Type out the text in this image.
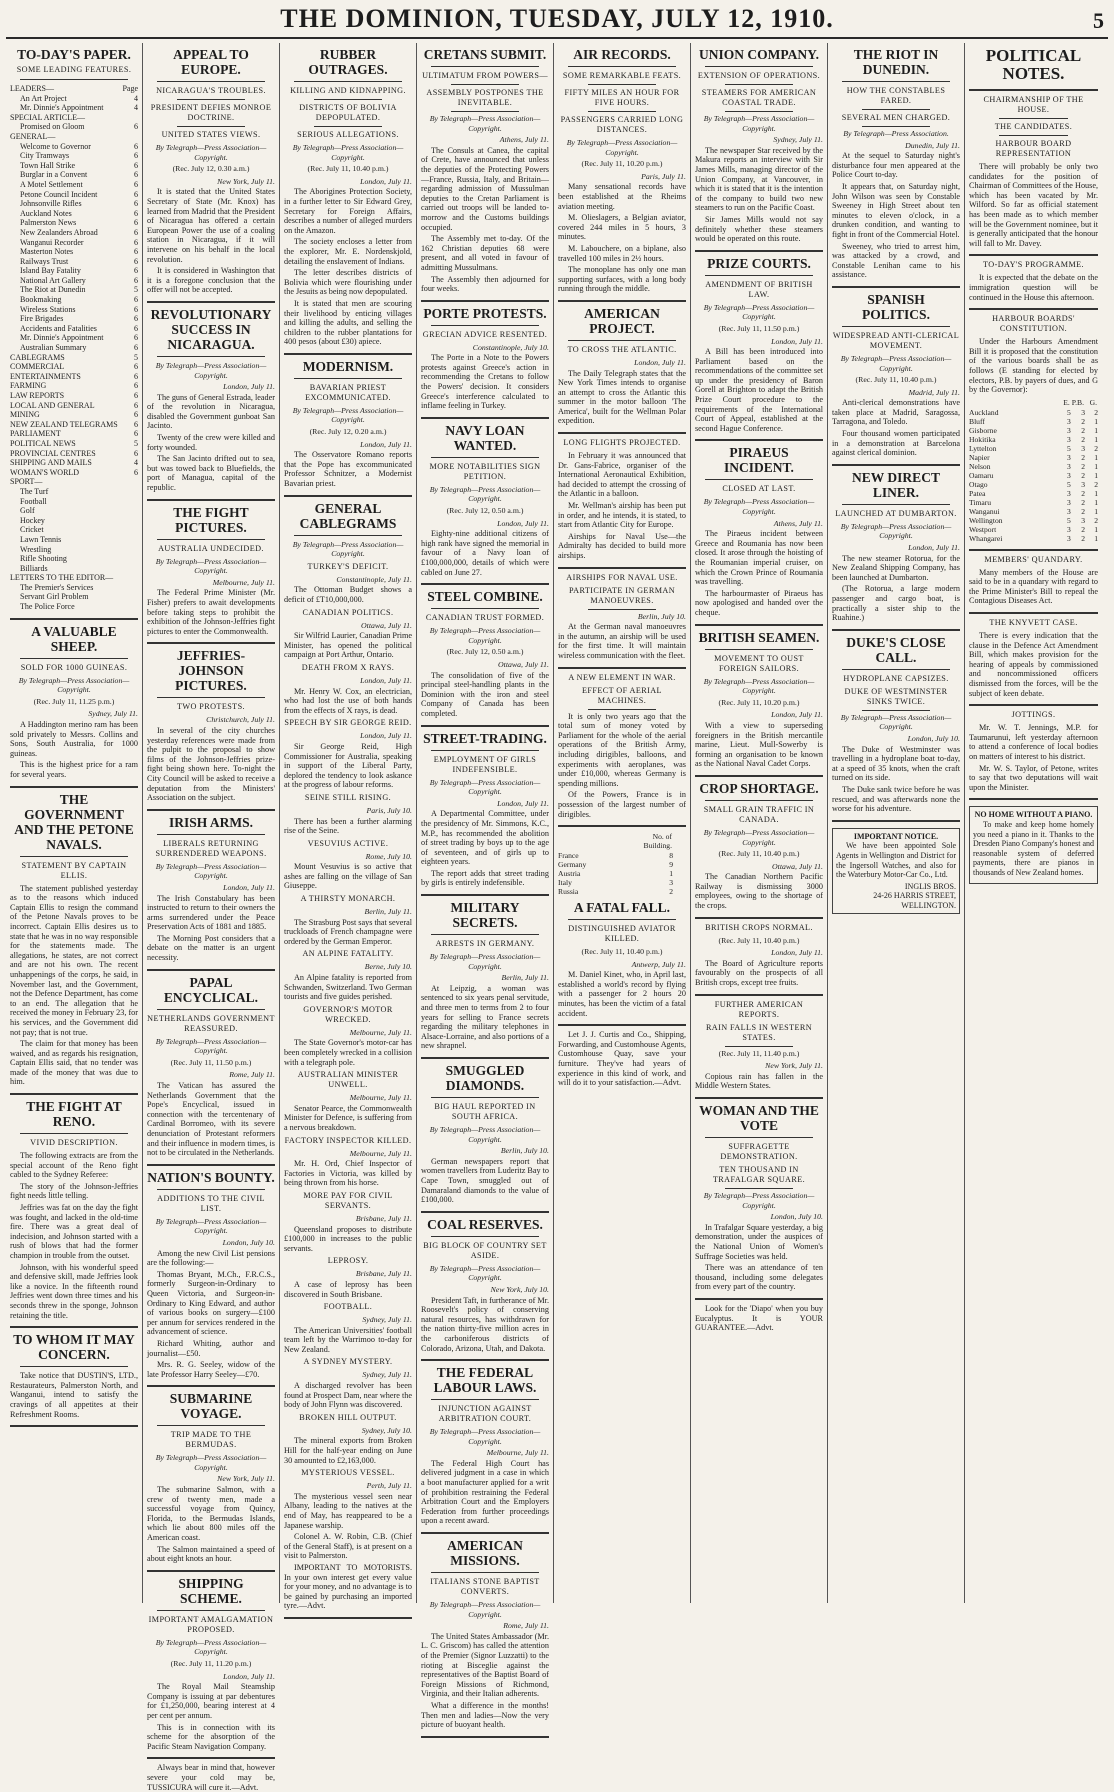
THE DOMINION, TUESDAY, JULY 12, 1910.	5
TO-DAY'S PAPER.
SOME LEADING FEATURES.
LEADERS—	Page
An Art Project	4
Mr. Dinnie's Appointment	4
SPECIAL ARTICLE—
Promised on Gloom	6
GENERAL—
Welcome to Governor	6
City Tramways	6
Town Hall Strike	6
Burglar in a Convent	6
A Motel Settlement	6
Petone Council Incident	6
Johnsonville Rifles	6
Auckland Notes	6
Palmerston News	6
New Zealanders Abroad	6
Wanganui Recorder	6
Masterton Notes	6
Railways Trust	6
Island Bay Fatality	6
National Art Gallery	6
The Riot at Dunedin	5
Bookmaking	6
Wireless Stations	6
Fire Brigades	6
Accidents and Fatalities	6
Mr. Dinnie's Appointment	6
Australian Summary	6
CABLEGRAMS	5
COMMERCIAL	6
ENTERTAINMENTS	6
FARMING	6
LAW REPORTS	6
LOCAL AND GENERAL	6
MINING	6
NEW ZEALAND TELEGRAMS	6
PARLIAMENT	6
POLITICAL NEWS	5
PROVINCIAL CENTRES	6
SHIPPING AND MAILS	4
WOMAN'S WORLD	6
SPORT—
The Turf
Football
Golf
Hockey
Cricket
Lawn Tennis
Wrestling
Rifle Shooting
Billiards
LETTERS TO THE EDITOR—
The Premier's Services
Servant Girl Problem
The Police Force
A VALUABLE SHEEP.
SOLD FOR 1000 GUINEAS.
By Telegraph—Press Association—Copyright.
(Rec. July 11, 11.25 p.m.)
Sydney, July 11.

A Haddington merino ram has been sold privately to Messrs. Collins and Sons, South Australia, for 1000 guineas.

This is the highest price for a ram for several years.

THE GOVERNMENT AND THE PETONE NAVALS.
STATEMENT BY CAPTAIN ELLIS.

The statement published yesterday as to the reasons which induced Captain Ellis to resign the command of the Petone Navals proves to be incorrect. Captain Ellis desires us to state that he was in no way responsible for the statements made. The allegations, he states, are not correct and are not his own. The recent unhappenings of the corps, he said, in November last, and the Government, not the Defence Department, has come to an end. The allegation that he received the money in February 23, for his services, and the Government did not pay; that is not true.

The claim for that money has been waived, and as regards his resignation, Captain Ellis said, that no tender was made of the money that was due to him.

THE FIGHT AT RENO.
VIVID DESCRIPTION.

The following extracts are from the special account of the Reno fight cabled to the Sydney Referee:

The story of the Johnson-Jeffries fight needs little telling.

Jeffries was fat on the day the fight was fought, and lacked in the old-time fire. There was a great deal of indecision, and Johnson started with a rush of blows that had the former champion in trouble from the outset.

Johnson, with his wonderful speed and defensive skill, made Jeffries look like a novice. In the fifteenth round Jeffries went down three times and his seconds threw in the sponge, Johnson retaining the title.

TO WHOM IT MAY CONCERN.

Take notice that DUSTIN'S, LTD., Restaurateurs, Palmerston North, and Wanganui, intend to satisfy the cravings of all appetites at their Refreshment Rooms.

APPEAL TO EUROPE.
NICARAGUA'S TROUBLES.
PRESIDENT DEFIES MONROE DOCTRINE.
UNITED STATES VIEWS.
By Telegraph—Press Association—Copyright.
(Rec. July 12, 0.30 a.m.)
New York, July 11.

It is stated that the United States Secretary of State (Mr. Knox) has learned from Madrid that the President of Nicaragua has offered a certain European Power the use of a coaling station in Nicaragua, if it will intervene on his behalf in the local revolution.

It is considered in Washington that it is a foregone conclusion that the offer will not be accepted.

REVOLUTIONARY SUCCESS IN NICARAGUA.
By Telegraph—Press Association—Copyright.
London, July 11.

The guns of General Estrada, leader of the revolution in Nicaragua, disabled the Government gunboat San Jacinto.

Twenty of the crew were killed and forty wounded.

The San Jacinto drifted out to sea, but was towed back to Bluefields, the port of Managua, capital of the republic.

THE FIGHT PICTURES.
AUSTRALIA UNDECIDED.
By Telegraph—Press Association—Copyright.
Melbourne, July 11.

The Federal Prime Minister (Mr. Fisher) prefers to await developments before taking steps to prohibit the exhibition of the Johnson-Jeffries fight pictures to enter the Commonwealth.

JEFFRIES-JOHNSON PICTURES.
TWO PROTESTS.
Christchurch, July 11.

In several of the city churches yesterday references were made from the pulpit to the proposal to show films of the Johnson-Jeffries prize-fight being shown here. To-night the City Council will be asked to receive a deputation from the Ministers' Association on the subject.

IRISH ARMS.
LIBERALS RETURNING SURRENDERED WEAPONS.
By Telegraph—Press Association—Copyright.
London, July 11.

The Irish Constabulary has been instructed to return to their owners the arms surrendered under the Peace Preservation Acts of 1881 and 1885.

The Morning Post considers that a debate on the matter is an urgent necessity.

PAPAL ENCYCLICAL.
NETHERLANDS GOVERNMENT REASSURED.
By Telegraph—Press Association—Copyright.
(Rec. July 11, 11.50 p.m.)
Rome, July 11.

The Vatican has assured the Netherlands Government that the Pope's Encyclical, issued in connection with the tercentenary of Cardinal Borromeo, with its severe denunciation of Protestant reformers and their influence in modern times, is not to be circulated in the Netherlands.

NATION'S BOUNTY.
ADDITIONS TO THE CIVIL LIST.
By Telegraph—Press Association—Copyright.
London, July 10.

Among the new Civil List pensions are the following:—

Thomas Bryant, M.Ch., F.R.C.S., formerly Surgeon-in-Ordinary to Queen Victoria, and Surgeon-in-Ordinary to King Edward, and author of various books on surgery—£100 per annum for services rendered in the advancement of science.

Richard Whiting, author and journalist—£50.

Mrs. R. G. Seeley, widow of the late Professor Harry Seeley—£70.

SUBMARINE VOYAGE.
TRIP MADE TO THE BERMUDAS.
By Telegraph—Press Association—Copyright.
New York, July 11.

The submarine Salmon, with a crew of twenty men, made a successful voyage from Quincy, Florida, to the Bermudas Islands, which lie about 800 miles off the American coast.

The Salmon maintained a speed of about eight knots an hour.

SHIPPING SCHEME.
IMPORTANT AMALGAMATION PROPOSED.
By Telegraph—Press Association—Copyright.
(Rec. July 11, 11.20 p.m.)
London, July 11.

The Royal Mail Steamship Company is issuing at par debentures for £1,250,000, bearing interest at 4 per cent per annum.

This is in connection with its scheme for the absorption of the Pacific Steam Navigation Company.

Always bear in mind that, however severe your cold may be, TUSSICURA will cure it.—Advt.

RUBBER OUTRAGES.
KILLING AND KIDNAPPING.
DISTRICTS OF BOLIVIA DEPOPULATED.
SERIOUS ALLEGATIONS.
By Telegraph—Press Association—Copyright.
(Rec. July 11, 10.40 p.m.)
London, July 11.

The Aborigines Protection Society, in a further letter to Sir Edward Grey, Secretary for Foreign Affairs, describes a number of alleged murders on the Amazon.

The society encloses a letter from the explorer, Mr. E. Nordenskjold, detailing the enslavement of Indians.

The letter describes districts of Bolivia which were flourishing under the Jesuits as being now depopulated.

It is stated that men are scouring their livelihood by enticing villages and killing the adults, and selling the children to the rubber plantations for 400 pesos (about £30) apiece.

MODERNISM.
BAVARIAN PRIEST EXCOMMUNICATED.
By Telegraph—Press Association—Copyright.
(Rec. July 12, 0.20 a.m.)
London, July 11.

The Osservatore Romano reports that the Pope has excommunicated Professor Schnitzer, a Modernist Bavarian priest.

GENERAL CABLEGRAMS
By Telegraph—Press Association—Copyright.
TURKEY'S DEFICIT.
Constantinople, July 11.

The Ottoman Budget shows a deficit of £T10,000,000.

CANADIAN POLITICS.
Ottawa, July 11.

Sir Wilfrid Laurier, Canadian Prime Minister, has opened the political campaign at Port Arthur, Ontario.

DEATH FROM X RAYS.
London, July 11.

Mr. Henry W. Cox, an electrician, who had lost the use of both hands from the effects of X rays, is dead.

SPEECH BY SIR GEORGE REID.
London, July 11.

Sir George Reid, High Commissioner for Australia, speaking in support of the Liberal Party, deplored the tendency to look askance at the progress of labour reforms.

SEINE STILL RISING.
Paris, July 10.

There has been a further alarming rise of the Seine.

VESUVIUS ACTIVE.
Rome, July 10.

Mount Vesuvius is so active that ashes are falling on the village of San Giuseppe.

A THIRSTY MONARCH.
Berlin, July 11.

The Strasburg Post says that several truckloads of French champagne were ordered by the German Emperor.

AN ALPINE FATALITY.
Berne, July 10.

An Alpine fatality is reported from Schwanden, Switzerland. Two German tourists and five guides perished.

GOVERNOR'S MOTOR WRECKED.
Melbourne, July 11.

The State Governor's motor-car has been completely wrecked in a collision with a telegraph pole.

AUSTRALIAN MINISTER UNWELL.
Melbourne, July 11.

Senator Pearce, the Commonwealth Minister for Defence, is suffering from a nervous breakdown.

FACTORY INSPECTOR KILLED.
Melbourne, July 11.

Mr. H. Ord, Chief Inspector of Factories in Victoria, was killed by being thrown from his horse.

MORE PAY FOR CIVIL SERVANTS.
Brisbane, July 11.

Queensland proposes to distribute £100,000 in increases to the public servants.

LEPROSY.
Brisbane, July 11.

A case of leprosy has been discovered in South Brisbane.

FOOTBALL.
Sydney, July 11.

The American Universities' football team left by the Warrimoo to-day for New Zealand.

A SYDNEY MYSTERY.
Sydney, July 11.

A discharged revolver has been found at Prospect Dam, near where the body of John Flynn was discovered.

BROKEN HILL OUTPUT.
Sydney, July 10.

The mineral exports from Broken Hill for the half-year ending on June 30 amounted to £2,163,000.

MYSTERIOUS VESSEL.
Perth, July 11.

The mysterious vessel seen near Albany, leading to the natives at the end of May, has reappeared to be a Japanese warship.

Colonel A. W. Robin, C.B. (Chief of the General Staff), is at present on a visit to Palmerston.

IMPORTANT TO MOTORISTS. In your own interest get every value for your money, and no advantage is to be gained by purchasing an imported tyre.—Advt.

CRETANS SUBMIT.
ULTIMATUM FROM POWERS—
ASSEMBLY POSTPONES THE INEVITABLE.
By Telegraph—Press Association—Copyright.
Athens, July 11.

The Consuls at Canea, the capital of Crete, have announced that unless the deputies of the Protecting Powers—France, Russia, Italy, and Britain—regarding admission of Mussulman deputies to the Cretan Parliament is carried out troops will be landed to-morrow and the Customs buildings occupied.

The Assembly met to-day. Of the 162 Christian deputies 68 were present, and all voted in favour of admitting Mussulmans.

The Assembly then adjourned for four weeks.

PORTE PROTESTS.
GRECIAN ADVICE RESENTED.
Constantinople, July 10.

The Porte in a Note to the Powers protests against Greece's action in recommending the Cretans to follow the Powers' decision. It considers Greece's interference calculated to inflame feeling in Turkey.

NAVY LOAN WANTED.
MORE NOTABILITIES SIGN PETITION.
By Telegraph—Press Association—Copyright.
(Rec. July 12, 0.50 a.m.)
London, July 11.

Eighty-nine additional citizens of high rank have signed the memorial in favour of a Navy loan of £100,000,000, details of which were cabled on June 27.

STEEL COMBINE.
CANADIAN TRUST FORMED.
By Telegraph—Press Association—Copyright.
(Rec. July 12, 0.50 a.m.)
Ottawa, July 11.

The consolidation of five of the principal steel-handling plants in the Dominion with the iron and steel Company of Canada has been completed.

STREET-TRADING.
EMPLOYMENT OF GIRLS INDEFENSIBLE.
By Telegraph—Press Association—Copyright.
London, July 11.

A Departmental Committee, under the presidency of Mr. Simmons, K.C., M.P., has recommended the abolition of street trading by boys up to the age of seventeen, and of girls up to eighteen years.

The report adds that street trading by girls is entirely indefensible.

MILITARY SECRETS.
ARRESTS IN GERMANY.
By Telegraph—Press Association—Copyright.
Berlin, July 11.

At Leipzig, a woman was sentenced to six years penal servitude, and three men to terms from 2 to four years for selling to France secrets regarding the military telephones in Alsace-Lorraine, and also portions of a new shrapnel.

SMUGGLED DIAMONDS.
BIG HAUL REPORTED IN SOUTH AFRICA.
By Telegraph—Press Association—Copyright.
Berlin, July 10.

German newspapers report that women travellers from Luderitz Bay to Cape Town, smuggled out of Damaraland diamonds to the value of £100,000.

COAL RESERVES.
BIG BLOCK OF COUNTRY SET ASIDE.
By Telegraph—Press Association—Copyright.
New York, July 10.

President Taft, in furtherance of Mr. Roosevelt's policy of conserving natural resources, has withdrawn for the nation thirty-five million acres in the carboniferous districts of Colorado, Arizona, Utah, and Dakota.

THE FEDERAL LABOUR LAWS.
INJUNCTION AGAINST ARBITRATION COURT.
By Telegraph—Press Association—Copyright.
Melbourne, July 11.

The Federal High Court has delivered judgment in a case in which a boot manufacturer applied for a writ of prohibition restraining the Federal Arbitration Court and the Employers Federation from further proceedings upon a recent award.

AMERICAN MISSIONS.
ITALIANS STONE BAPTIST CONVERTS.
By Telegraph—Press Association—Copyright.
Rome, July 11.

The United States Ambassador (Mr. L. C. Griscom) has called the attention of the Premier (Signor Luzzatti) to the rioting at Bisceglie against the representatives of the Baptist Board of Foreign Missions of Richmond, Virginia, and their Italian adherents.

What a difference in the months! Then men and ladies—Now the very picture of buoyant health.

AIR RECORDS.
SOME REMARKABLE FEATS.
FIFTY MILES AN HOUR FOR FIVE HOURS.
PASSENGERS CARRIED LONG DISTANCES.
By Telegraph—Press Association—Copyright.
(Rec. July 11, 10.20 p.m.)
Paris, July 11.

Many sensational records have been established at the Rheims aviation meeting.

M. Olieslagers, a Belgian aviator, covered 244 miles in 5 hours, 3 minutes.

M. Labouchere, on a biplane, also travelled 100 miles in 2½ hours.

The monoplane has only one man supporting surfaces, with a long body running through the middle.

AMERICAN PROJECT.
TO CROSS THE ATLANTIC.
London, July 11.

The Daily Telegraph states that the New York Times intends to organise an attempt to cross the Atlantic this summer in the motor balloon 'The America', built for the Wellman Polar expedition.

LONG FLIGHTS PROJECTED.

In February it was announced that Dr. Gans-Fabrice, organiser of the International Aeronautical Exhibition, had decided to attempt the crossing of the Atlantic in a balloon.

Mr. Wellman's airship has been put in order, and he intends, it is stated, to start from Atlantic City for Europe.

Airships for Naval Use—the Admiralty has decided to build more airships.

AIRSHIPS FOR NAVAL USE.
PARTICIPATE IN GERMAN MANOEUVRES.
Berlin, July 10.

At the German naval manoeuvres in the autumn, an airship will be used for the first time. It will maintain wireless communication with the fleet.

A NEW ELEMENT IN WAR.
EFFECT OF AERIAL MACHINES.

It is only two years ago that the total sum of money voted by Parliament for the whole of the aerial operations of the British Army, including dirigibles, balloons, and experiments with aeroplanes, was under £10,000, whereas Germany is spending millions.

Of the Powers, France is in possession of the largest number of dirigibles.

	No. of Building.	
France	8	
Germany	9	
Austria	1	
Italy	3	
Russia	2	
A FATAL FALL.
DISTINGUISHED AVIATOR KILLED.
(Rec. July 11, 10.40 p.m.)
Antwerp, July 11.

M. Daniel Kinet, who, in April last, established a world's record by flying with a passenger for 2 hours 20 minutes, has been the victim of a fatal accident.

Let J. J. Curtis and Co., Shipping, Forwarding, and Customhouse Agents, Customhouse Quay, save your furniture. They've had years of experience in this kind of work, and will do it to your satisfaction.—Advt.

UNION COMPANY.
EXTENSION OF OPERATIONS.
STEAMERS FOR AMERICAN COASTAL TRADE.
By Telegraph—Press Association—Copyright.
Sydney, July 11.

The newspaper Star received by the Makura reports an interview with Sir James Mills, managing director of the Union Company, at Vancouver, in which it is stated that it is the intention of the company to build two new steamers to run on the Pacific Coast.

Sir James Mills would not say definitely whether these steamers would be operated on this route.

PRIZE COURTS.
AMENDMENT OF BRITISH LAW.
By Telegraph—Press Association—Copyright.
(Rec. July 11, 11.50 p.m.)
London, July 11.

A Bill has been introduced into Parliament based on the recommendations of the committee set up under the presidency of Baron Gorell at Brighton to adapt the British Prize Court procedure to the requirements of the International Court of Appeal, established at the second Hague Conference.

PIRAEUS INCIDENT.
CLOSED AT LAST.
By Telegraph—Press Association—Copyright.
Athens, July 11.

The Piraeus incident between Greece and Roumania has now been closed. It arose through the hoisting of the Roumanian imperial cruiser, on which the Crown Prince of Roumania was travelling.

The harbourmaster of Piraeus has now apologised and handed over the cheque.

BRITISH SEAMEN.
MOVEMENT TO OUST FOREIGN SAILORS.
By Telegraph—Press Association—Copyright.
(Rec. July 11, 10.20 p.m.)
London, July 11.

With a view to superseding foreigners in the British mercantile marine, Lieut. Mull-Sowerby is forming an organisation to be known as the National Naval Cadet Corps.

CROP SHORTAGE.
SMALL GRAIN TRAFFIC IN CANADA.
By Telegraph—Press Association—Copyright.
(Rec. July 11, 10.40 p.m.)
Ottawa, July 11.

The Canadian Northern Pacific Railway is dismissing 3000 employees, owing to the shortage of the crops.

BRITISH CROPS NORMAL.
(Rec. July 11, 10.40 p.m.)
London, July 11.

The Board of Agriculture reports favourably on the prospects of all British crops, except tree fruits.

FURTHER AMERICAN REPORTS.
RAIN FALLS IN WESTERN STATES.
(Rec. July 11, 11.40 p.m.)
New York, July 11.

Copious rain has fallen in the Middle Western States.

WOMAN AND THE VOTE
SUFFRAGETTE DEMONSTRATION.
TEN THOUSAND IN TRAFALGAR SQUARE.
By Telegraph—Press Association—Copyright.
London, July 10.

In Trafalgar Square yesterday, a big demonstration, under the auspices of the National Union of Women's Suffrage Societies was held.

There was an attendance of ten thousand, including some delegates from every part of the country.

Look for the 'Diapo' when you buy Eucalyptus. It is YOUR GUARANTEE.—Advt.

THE RIOT IN DUNEDIN.
HOW THE CONSTABLES FARED.
SEVERAL MEN CHARGED.
By Telegraph—Press Association.
Dunedin, July 11.

At the sequel to Saturday night's disturbance four men appeared at the Police Court to-day.

It appears that, on Saturday night, John Wilson was seen by Constable Sweeney in High Street about ten minutes to eleven o'clock, in a drunken condition, and wanting to fight in front of the Commercial Hotel.

Sweeney, who tried to arrest him, was attacked by a crowd, and Constable Lenihan came to his assistance.

SPANISH POLITICS.
WIDESPREAD ANTI-CLERICAL MOVEMENT.
By Telegraph—Press Association—Copyright.
(Rec. July 11, 10.40 p.m.)
Madrid, July 11.

Anti-clerical demonstrations have taken place at Madrid, Saragossa, Tarragona, and Toledo.

Four thousand women participated in a demonstration at Barcelona against clerical dominion.

NEW DIRECT LINER.
LAUNCHED AT DUMBARTON.
By Telegraph—Press Association—Copyright.
London, July 11.

The new steamer Rotorua, for the New Zealand Shipping Company, has been launched at Dumbarton.

(The Rotorua, a large modern passenger and cargo boat, is practically a sister ship to the Ruahine.)

DUKE'S CLOSE CALL.
HYDROPLANE CAPSIZES.
DUKE OF WESTMINSTER SINKS TWICE.
By Telegraph—Press Association—Copyright.
London, July 10.

The Duke of Westminster was travelling in a hydroplane boat to-day, at a speed of 35 knots, when the craft turned on its side.

The Duke sank twice before he was rescued, and was afterwards none the worse for his adventure.

IMPORTANT NOTICE.

We have been appointed Sole Agents in Wellington and District for the Ingersoll Watches, and also for the Waterbury Motor-Car Co., Ltd.

INGLIS BROS.
24-26 HARRIS STREET, WELLINGTON.
POLITICAL NOTES.
CHAIRMANSHIP OF THE HOUSE.
THE CANDIDATES.
HARBOUR BOARD REPRESENTATION

There will probably be only two candidates for the position of Chairman of Committees of the House, which has been vacated by Mr. Wilford. So far as official statement has been made as to which member will be the Government nominee, but it is generally anticipated that the honour will fall to Mr. Davey.

TO-DAY'S PROGRAMME.

It is expected that the debate on the immigration question will be continued in the House this afternoon.

HARBOUR BOARDS' CONSTITUTION.

Under the Harbours Amendment Bill it is proposed that the constitution of the various boards shall be as follows (E standing for elected by electors, P.B. by payers of dues, and G by the Governor):

	E.	P.B.	G.
Auckland	5	3	2
Bluff	3	2	1
Gisborne	3	2	1
Hokitika	3	2	1
Lyttelton	5	3	2
Napier	3	2	1
Nelson	3	2	1
Oamaru	3	2	1
Otago	5	3	2
Patea	3	2	1
Timaru	3	2	1
Wanganui	3	2	1
Wellington	5	3	2
Westport	3	2	1
Whangarei	3	2	1
MEMBERS' QUANDARY.

Many members of the House are said to be in a quandary with regard to the Prime Minister's Bill to repeal the Contagious Diseases Act.

THE KNYVETT CASE.

There is every indication that the clause in the Defence Act Amendment Bill, which makes provision for the hearing of appeals by commissioned and noncommissioned officers dismissed from the forces, will be the subject of keen debate.

JOTTINGS.

Mr. W. T. Jennings, M.P. for Taumarunui, left yesterday afternoon to attend a conference of local bodies on matters of interest to his district.

Mr. W. S. Taylor, of Petone, writes to say that two deputations will wait upon the Minister.

NO HOME WITHOUT A PIANO.

To make and keep home homely you need a piano in it. Thanks to the Dresden Piano Company's honest and reasonable system of deferred payments, there are pianos in thousands of New Zealand homes.
